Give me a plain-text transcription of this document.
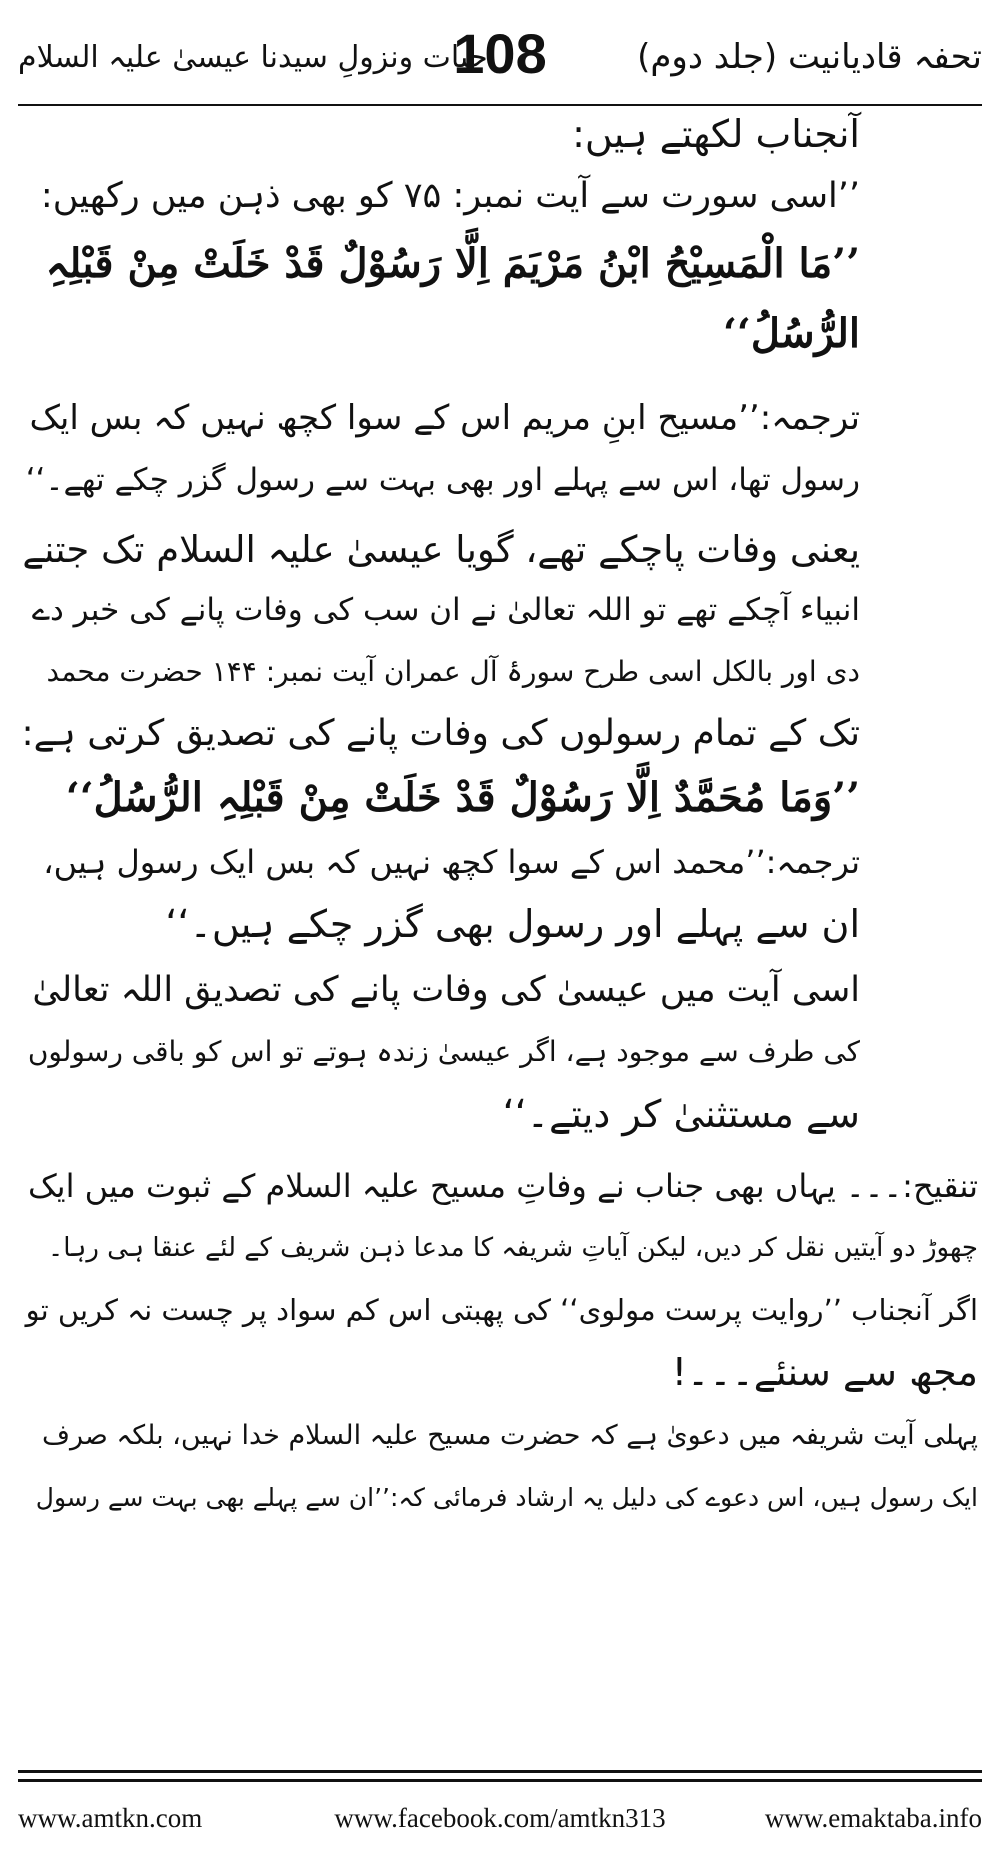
حیات ونزولِ سیدنا عیسیٰ علیہ السلام
108	تحفہ قادیانیت (جلد دوم)
آنجناب لکھتے ہیں:
’’اسی سورت سے آیت نمبر: ۷۵ کو بھی ذہن میں رکھیں:
’’مَا الْمَسِیْحُ ابْنُ مَرْیَمَ اِلَّا رَسُوْلٌ قَدْ خَلَتْ مِنْ قَبْلِہِ
الرُّسُلُ‘‘
ترجمہ:’’مسیح ابنِ مریم اس کے سوا کچھ نہیں کہ بس ایک
رسول تھا، اس سے پہلے اور بھی بہت سے رسول گزر چکے تھے۔‘‘
یعنی وفات پاچکے تھے، گویا عیسیٰ علیہ السلام تک جتنے
انبیاء آچکے تھے تو اللہ تعالیٰ نے ان سب کی وفات پانے کی خبر دے
دی اور بالکل اسی طرح سورۂ آل عمران آیت نمبر: ۱۴۴ حضرت محمد
تک کے تمام رسولوں کی وفات پانے کی تصدیق کرتی ہے:
’’وَمَا مُحَمَّدٌ اِلَّا رَسُوْلٌ قَدْ خَلَتْ مِنْ قَبْلِہِ الرُّسُلُ‘‘
ترجمہ:’’محمد اس کے سوا کچھ نہیں کہ بس ایک رسول ہیں،
ان سے پہلے اور رسول بھی گزر چکے ہیں۔‘‘
اسی آیت میں عیسیٰ کی وفات پانے کی تصدیق اللہ تعالیٰ
کی طرف سے موجود ہے، اگر عیسیٰ زندہ ہوتے تو اس کو باقی رسولوں
سے مستثنیٰ کر دیتے۔‘‘
تنقیح:۔۔۔ یہاں بھی جناب نے وفاتِ مسیح علیہ السلام کے ثبوت میں ایک
چھوڑ دو آیتیں نقل کر دیں، لیکن آیاتِ شریفہ کا مدعا ذہن شریف کے لئے عنقا ہی رہا۔
اگر آنجناب ’’روایت پرست مولوی‘‘ کی پھبتی اس کم سواد پر چست نہ کریں تو
مجھ سے سنئے۔۔۔!
پہلی آیت شریفہ میں دعویٰ ہے کہ حضرت مسیح علیہ السلام خدا نہیں، بلکہ صرف
ایک رسول ہیں، اس دعوے کی دلیل یہ ارشاد فرمائی کہ:’’ان سے پہلے بھی بہت سے رسول
www.amtkn.com	www.facebook.com/amtkn313	www.emaktaba.info
